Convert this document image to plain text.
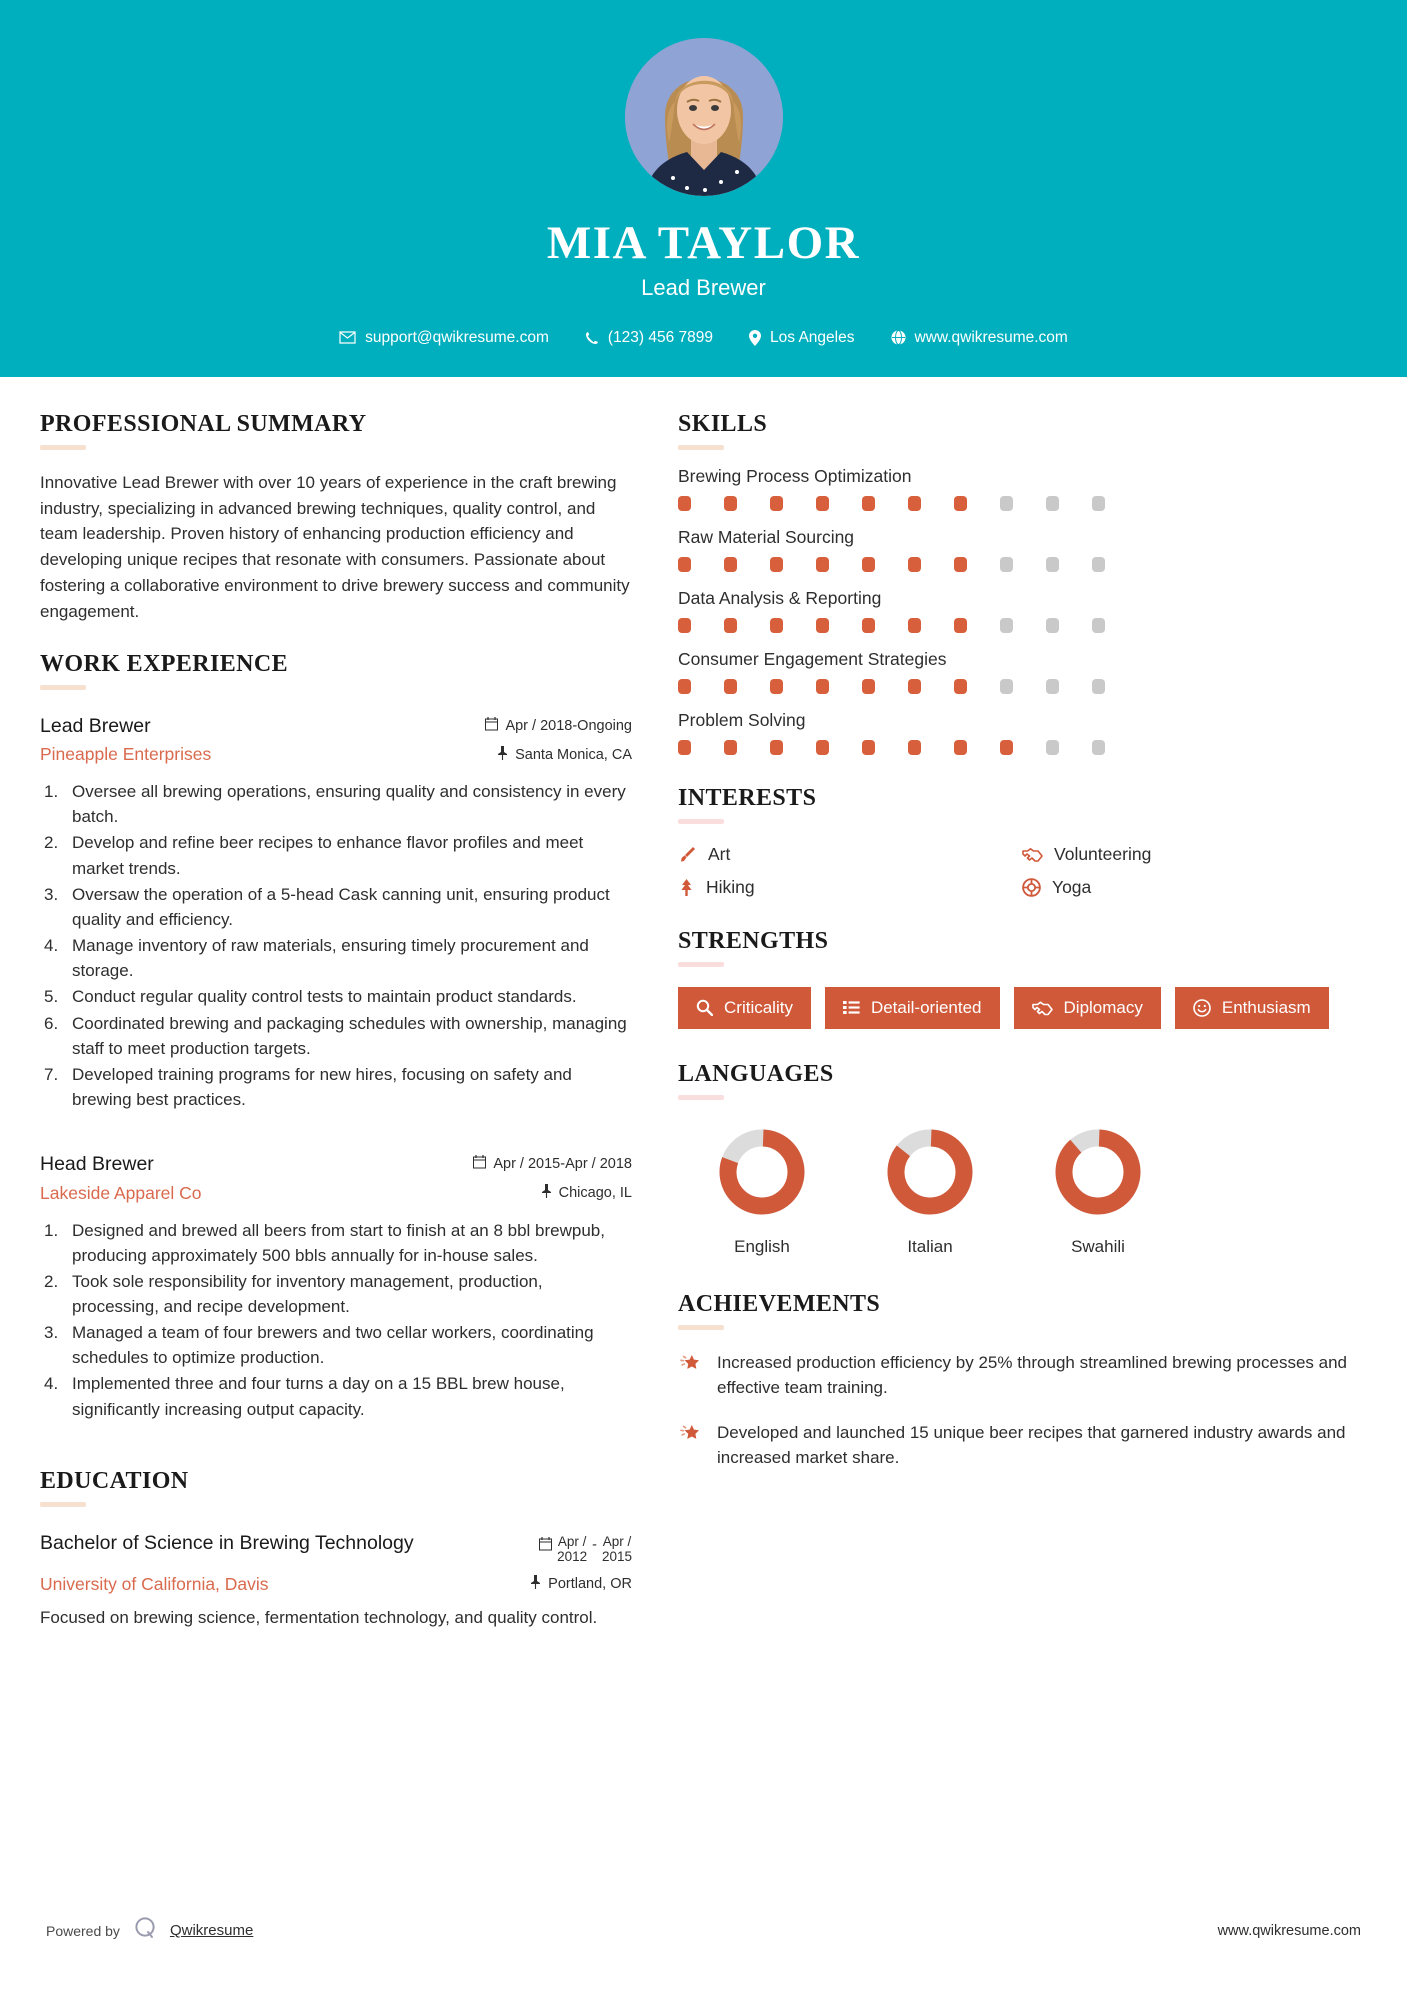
MIA TAYLOR
Lead Brewer
support@qwikresume.com	(123) 456 7899	Los Angeles	www.qwikresume.com
PROFESSIONAL SUMMARY
Innovative Lead Brewer with over 10 years of experience in the craft brewing industry, specializing in advanced brewing techniques, quality control, and team leadership. Proven history of enhancing production efficiency and developing unique recipes that resonate with consumers. Passionate about fostering a collaborative environment to drive brewery success and community engagement.
WORK EXPERIENCE
Lead Brewer	Apr / 2018-Ongoing
Pineapple Enterprises	Santa Monica, CA
Oversee all brewing operations, ensuring quality and consistency in every batch.
Develop and refine beer recipes to enhance flavor profiles and meet market trends.
Oversaw the operation of a 5-head Cask canning unit, ensuring product quality and efficiency.
Manage inventory of raw materials, ensuring timely procurement and storage.
Conduct regular quality control tests to maintain product standards.
Coordinated brewing and packaging schedules with ownership, managing staff to meet production targets.
Developed training programs for new hires, focusing on safety and brewing best practices.
Head Brewer	Apr / 2015-Apr / 2018
Lakeside Apparel Co	Chicago, IL
Designed and brewed all beers from start to finish at an 8 bbl brewpub, producing approximately 500 bbls annually for in-house sales.
Took sole responsibility for inventory management, production, processing, and recipe development.
Managed a team of four brewers and two cellar workers, coordinating schedules to optimize production.
Implemented three and four turns a day on a 15 BBL brew house, significantly increasing output capacity.
EDUCATION
Bachelor of Science in Brewing Technology	Apr /
2012
- Apr /
2015
University of California, Davis	Portland, OR
Focused on brewing science, fermentation technology, and quality control.
SKILLS
Brewing Process Optimization
Raw Material Sourcing
Data Analysis & Reporting
Consumer Engagement Strategies
Problem Solving
INTERESTS
Art	Volunteering
Hiking	Yoga
STRENGTHS
Criticality	Detail-oriented	Diplomacy	Enthusiasm
LANGUAGES
English	Italian	Swahili
ACHIEVEMENTS
Increased production efficiency by 25% through streamlined brewing processes and effective team training.
Developed and launched 15 unique beer recipes that garnered industry awards and increased market share.
Powered by	Qwikresume	www.qwikresume.com
